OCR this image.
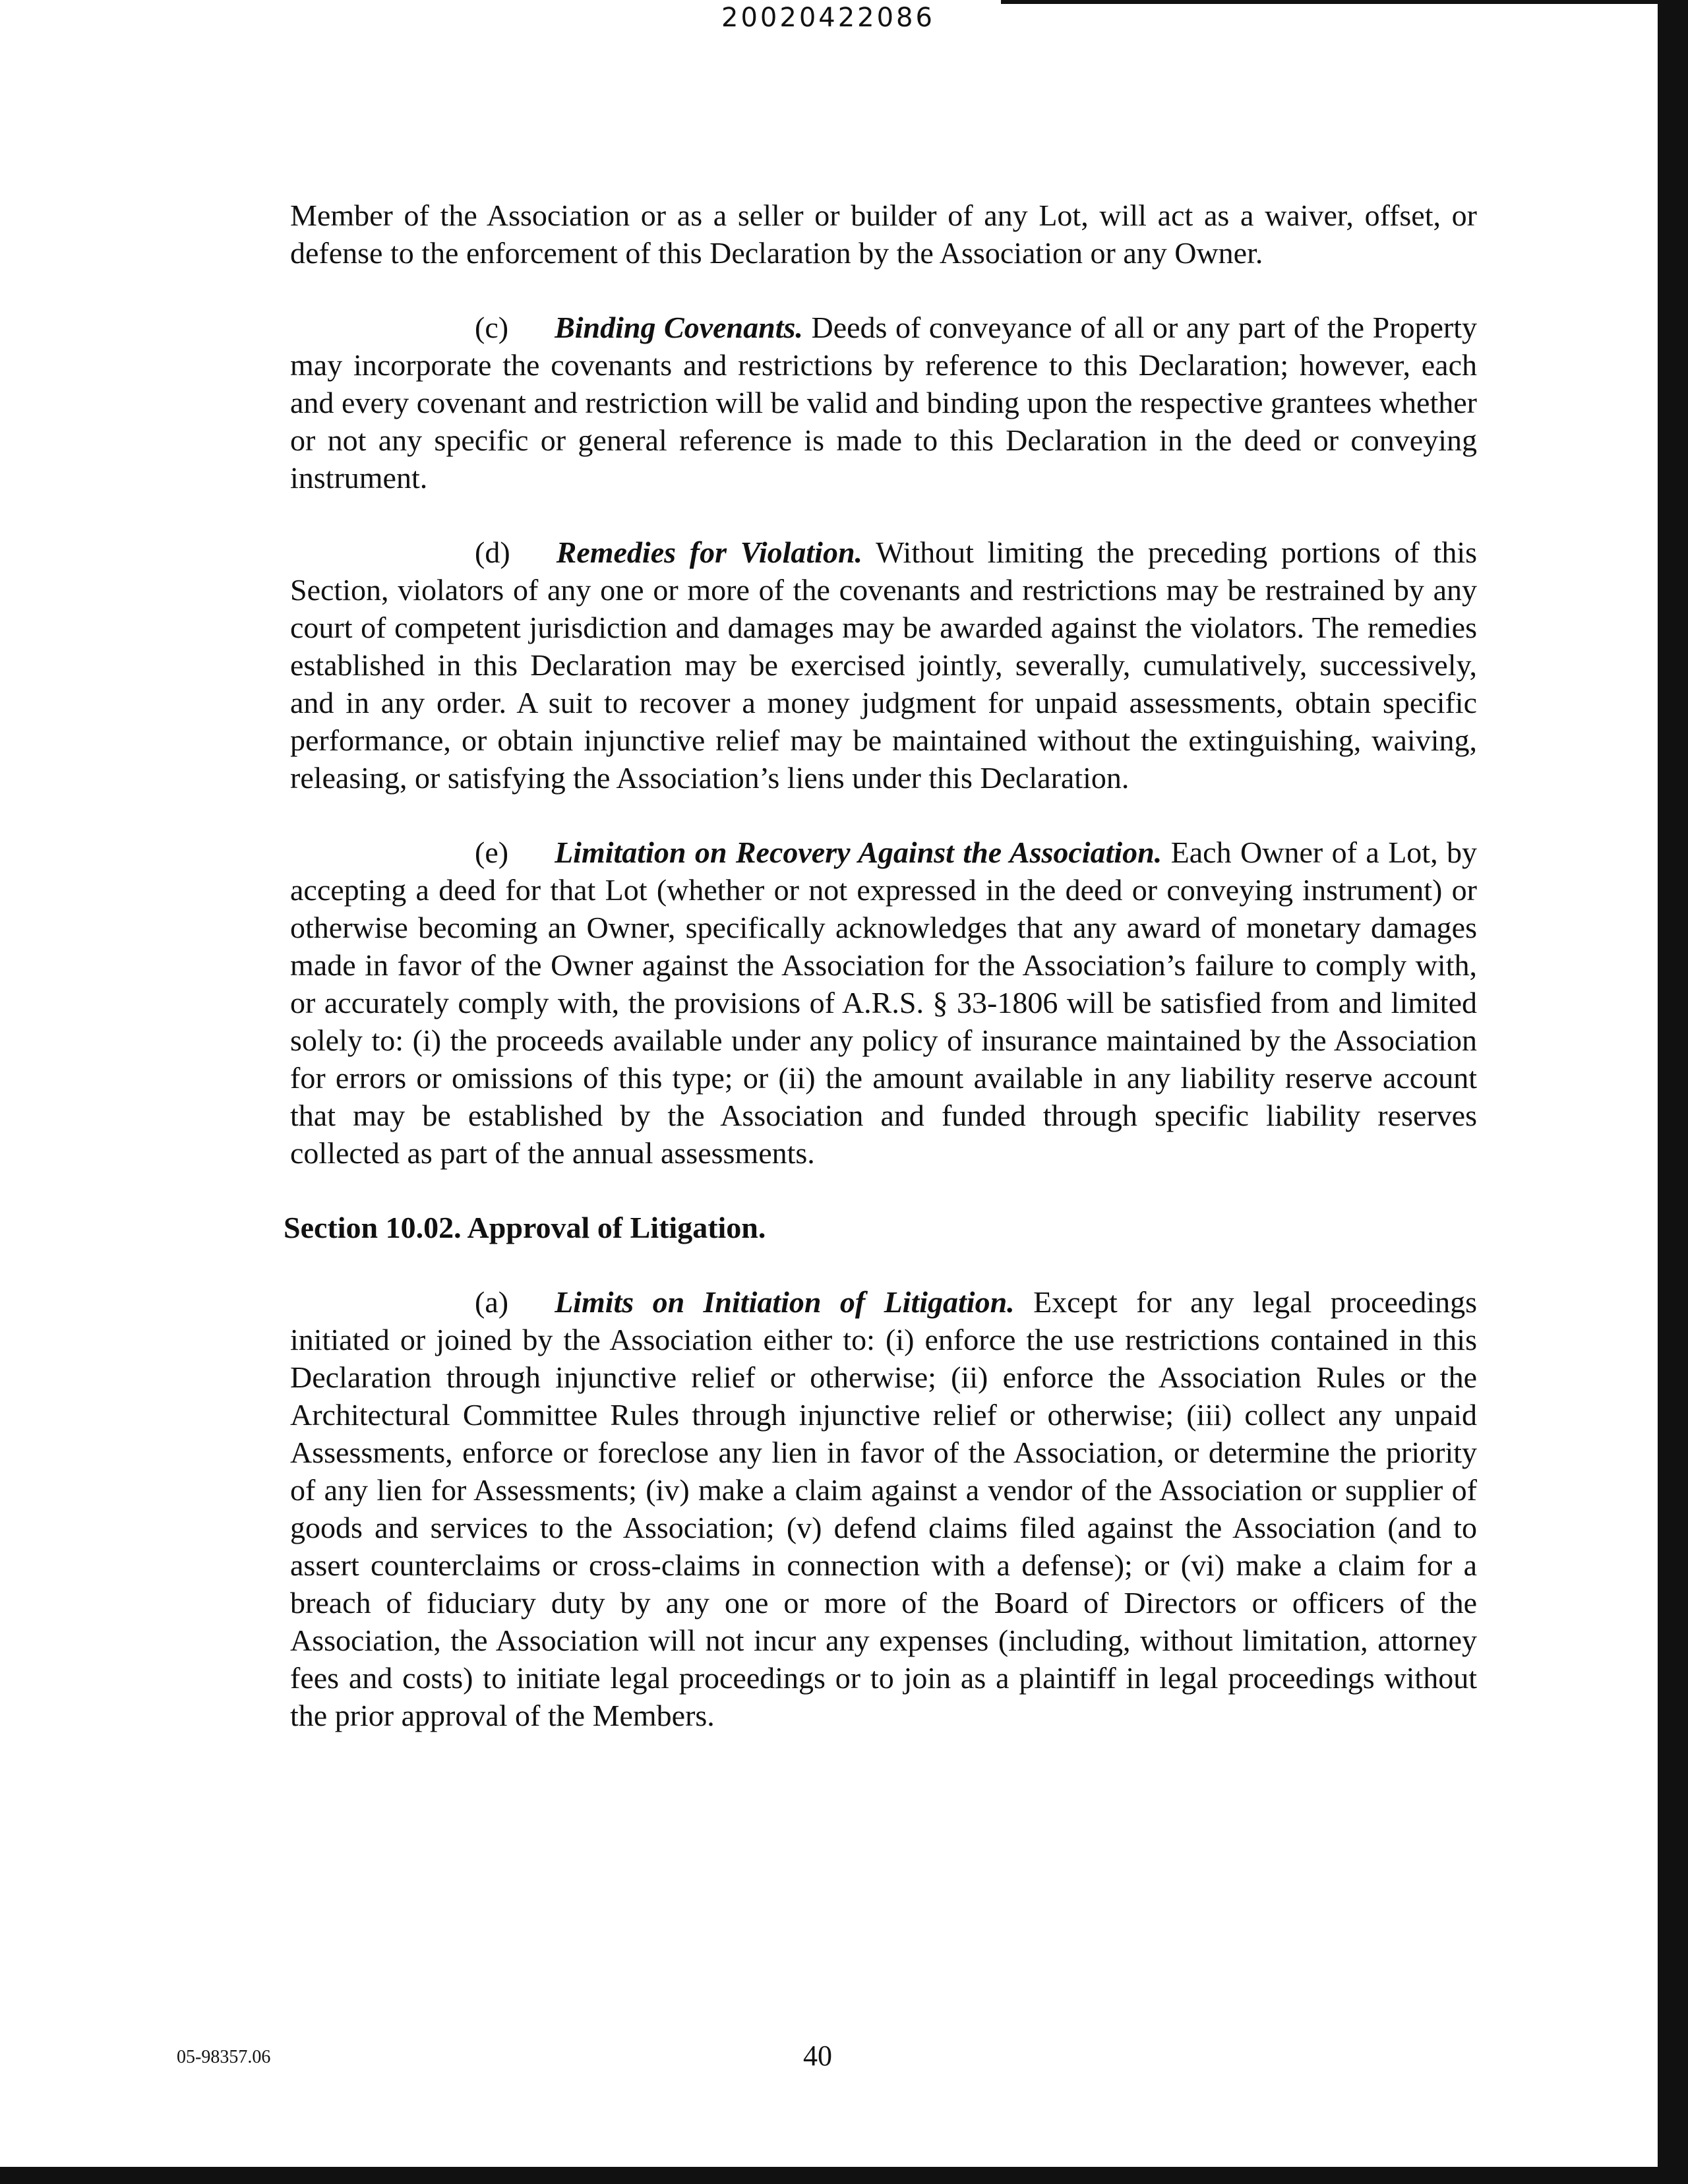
20020422086

Member of the Association or as a seller or builder of any Lot, will act as a waiver, offset, or defense to the enforcement of this Declaration by the Association or any Owner.

(c) Binding Covenants. Deeds of conveyance of all or any part of the Property may incorporate the covenants and restrictions by reference to this Declaration; however, each and every covenant and restriction will be valid and binding upon the respective grantees whether or not any specific or general reference is made to this Declaration in the deed or conveying instrument.

(d) Remedies for Violation. Without limiting the preceding portions of this Section, violators of any one or more of the covenants and restrictions may be restrained by any court of competent jurisdiction and damages may be awarded against the violators. The remedies established in this Declaration may be exercised jointly, severally, cumulatively, successively, and in any order. A suit to recover a money judgment for unpaid assessments, obtain specific performance, or obtain injunctive relief may be maintained without the extinguishing, waiving, releasing, or satisfying the Association’s liens under this Declaration.

(e) Limitation on Recovery Against the Association. Each Owner of a Lot, by accepting a deed for that Lot (whether or not expressed in the deed or conveying instrument) or otherwise becoming an Owner, specifically acknowledges that any award of monetary damages made in favor of the Owner against the Association for the Association’s failure to comply with, or accurately comply with, the provisions of A.R.S. § 33-1806 will be satisfied from and limited solely to: (i) the proceeds available under any policy of insurance maintained by the Association for errors or omissions of this type; or (ii) the amount available in any liability reserve account that may be established by the Association and funded through specific liability reserves collected as part of the annual assessments.

Section 10.02. Approval of Litigation.

(a) Limits on Initiation of Litigation. Except for any legal proceedings initiated or joined by the Association either to: (i) enforce the use restrictions contained in this Declaration through injunctive relief or otherwise; (ii) enforce the Association Rules or the Architectural Committee Rules through injunctive relief or otherwise; (iii) collect any unpaid Assessments, enforce or foreclose any lien in favor of the Association, or determine the priority of any lien for Assessments; (iv) make a claim against a vendor of the Association or supplier of goods and services to the Association; (v) defend claims filed against the Association (and to assert counterclaims or cross-claims in connection with a defense); or (vi) make a claim for a breach of fiduciary duty by any one or more of the Board of Directors or officers of the Association, the Association will not incur any expenses (including, without limitation, attorney fees and costs) to initiate legal proceedings or to join as a plaintiff in legal proceedings without the prior approval of the Members.

05-98357.06	40
